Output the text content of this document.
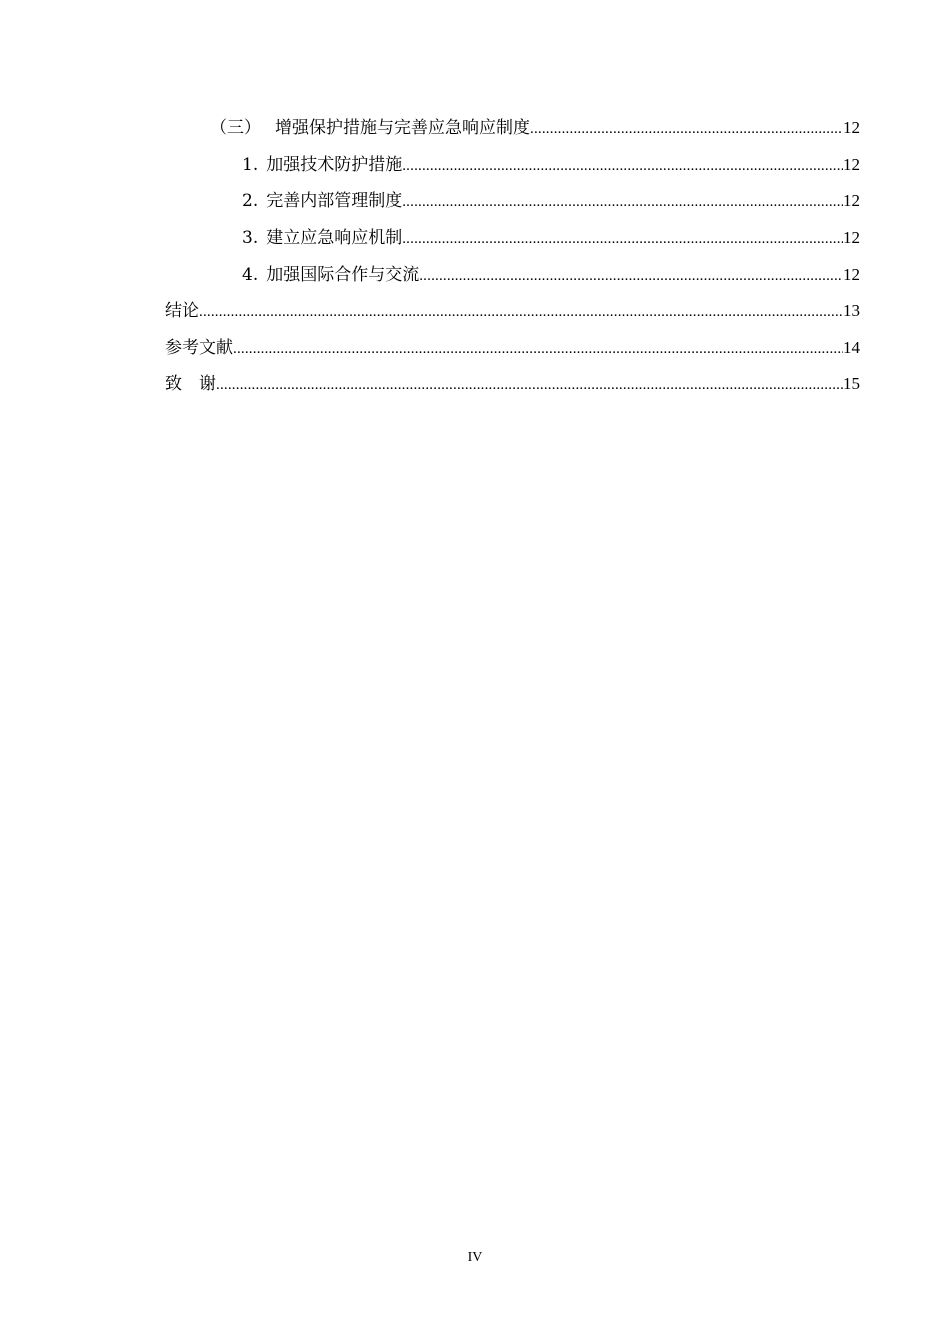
（三） 增强保护措施与完善应急响应制度 .....	12
1. 加强技术防护措施 .....	12
2. 完善内部管理制度 .....	12
3. 建立应急响应机制 .....	12
4. 加强国际合作与交流 .....	12
结论 .....	13
参考文献 .....	14
致　谢 .....	15
IV
